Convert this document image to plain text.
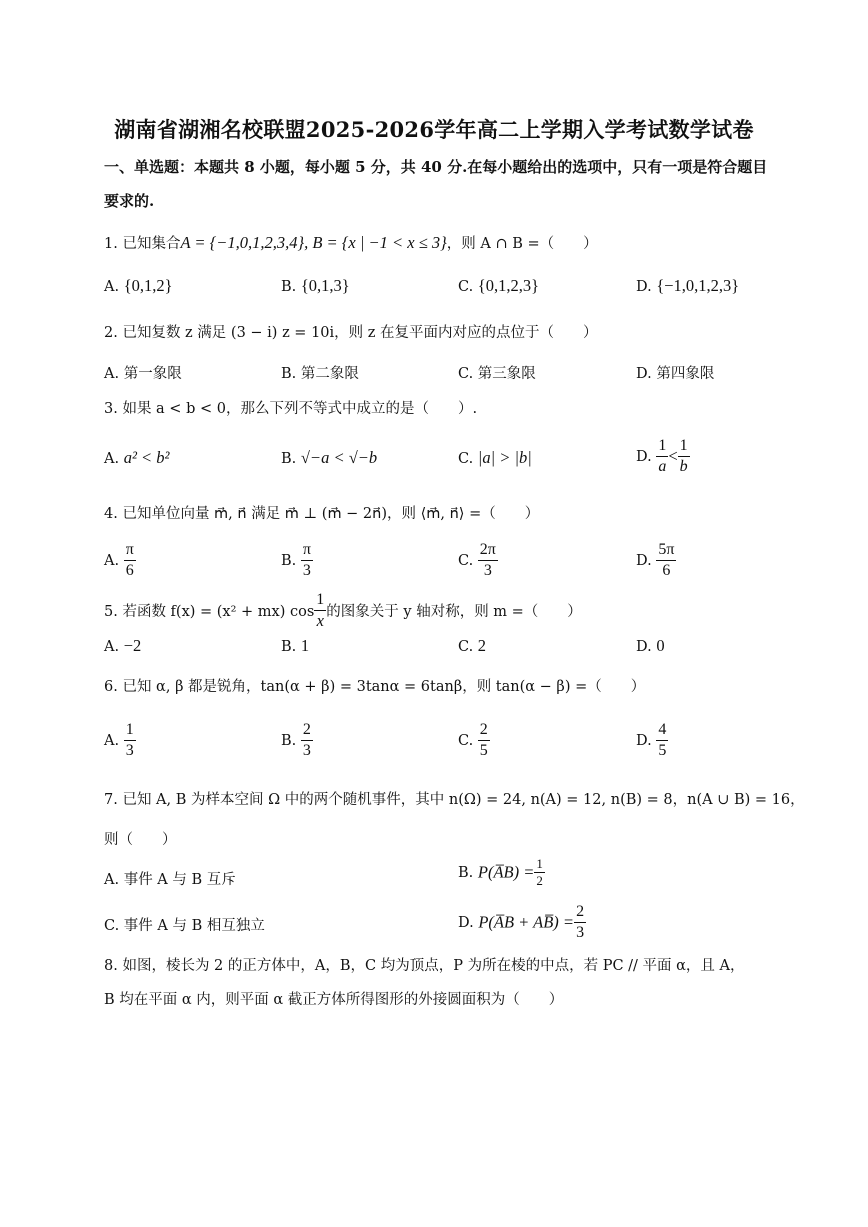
湖南省湖湘名校联盟2025-2026学年高二上学期入学考试数学试卷
一、单选题：本题共 8 小题，每小题 5 分，共 40 分.在每小题给出的选项中，只有一项是符合题目
要求的.
1. 已知集合A = {−1,0,1,2,3,4}, B = {x | −1 < x ≤ 3}，则 A ∩ B =（　　）
A. {0,1,2}	B. {0,1,3}	C. {0,1,2,3}	D. {−1,0,1,2,3}
2. 已知复数 z 满足 (3 − i) z = 10i，则 z 在复平面内对应的点位于（　　）
A. 第一象限	B. 第二象限	C. 第三象限	D. 第四象限
3. 如果 a < b < 0，那么下列不等式中成立的是（　　）.
A. a² < b²	B. √−a < √−b	C. |a| > |b|	D. $\frac{1}{a} < \frac{1}{b}$
4. 已知单位向量 m⃗, n⃗ 满足 m⃗ ⊥ (m⃗ − 2n⃗)，则 ⟨m⃗, n⃗⟩ =（　　）
A. $\frac{\pi}{6}$	B. $\frac{\pi}{3}$	C. $\frac{2\pi}{3}$	D. $\frac{5\pi}{6}$
5. 若函数 f(x) = (x² + mx) $\cos \frac{1}{x}$ 的图象关于 y 轴对称，则 m =（　　）
A. −2	B. 1	C. 2	D. 0
6. 已知 α, β 都是锐角，tan(α + β) = 3tanα = 6tanβ，则 tan(α − β) =（　　）
A. $\frac{1}{3}$	B. $\frac{2}{3}$	C. $\frac{2}{5}$	D. $\frac{4}{5}$
7. 已知 A, B 为样本空间 Ω 中的两个随机事件，其中 n(Ω) = 24, n(A) = 12, n(B) = 8，n(A ∪ B) = 16，
则（　　）
A. 事件 A 与 B 互斥	B. P(A̅B) = $\frac{1}{2}$
C. 事件 A 与 B 相互独立	D. P(A̅B + AB̅) = $\frac{2}{3}$
8. 如图，棱长为 2 的正方体中，A，B，C 均为顶点，P 为所在棱的中点，若 PC // 平面 α，且 A，
B 均在平面 α 内，则平面 α 截正方体所得图形的外接圆面积为（　　）
